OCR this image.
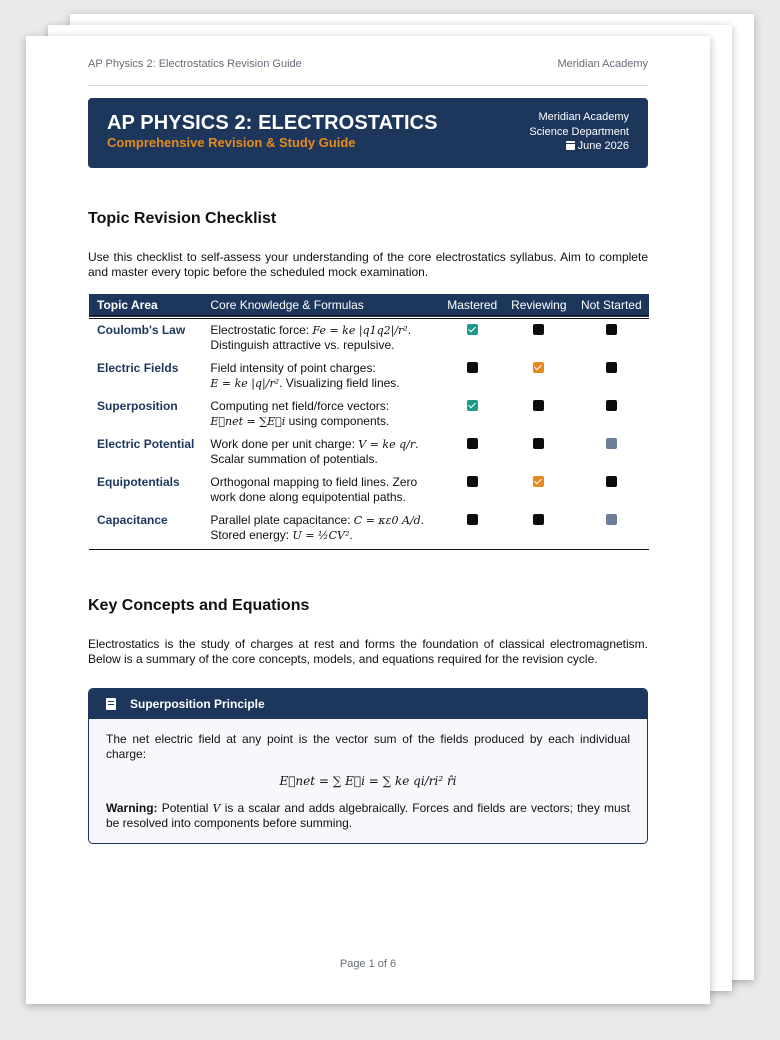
AP Physics 2: Electrostatics Revision Guide	Meridian Academy
AP PHYSICS 2: ELECTROSTATICS
Comprehensive Revision & Study Guide
Meridian Academy
Science Department
June 2026
Topic Revision Checklist

Use this checklist to self-assess your understanding of the core electrostatics syllabus. Aim to complete and master every topic before the scheduled mock examination.

Topic Area	Core Knowledge & Formulas	Mastered	Reviewing	Not Started
Coulomb's Law	Electrostatic force: Fe = ke |q1q2|/r².
Distinguish attractive vs. repulsive.			
Electric Fields	Field intensity of point charges:
E = ke |q|/r². Visualizing field lines.			
Superposition	Computing net field/force vectors:
E⃗net = ∑E⃗i using components.			
Electric Potential	Work done per unit charge: V = ke q/r.
Scalar summation of potentials.			
Equipotentials	Orthogonal mapping to field lines. Zero
work done along equipotential paths.			
Capacitance	Parallel plate capacitance: C = κε0 A/d.
Stored energy: U = ½CV².			
Key Concepts and Equations

Electrostatics is the study of charges at rest and forms the foundation of classical electromagnetism. Below is a summary of the core concepts, models, and equations required for the revision cycle.

Superposition Principle
The net electric field at any point is the vector sum of the fields produced by each individual charge:
E⃗net = ∑ E⃗i = ∑ ke qi/ri² r̂i
Warning: Potential V is a scalar and adds algebraically. Forces and fields are vectors; they must be resolved into components before summing.
Page 1 of 6
